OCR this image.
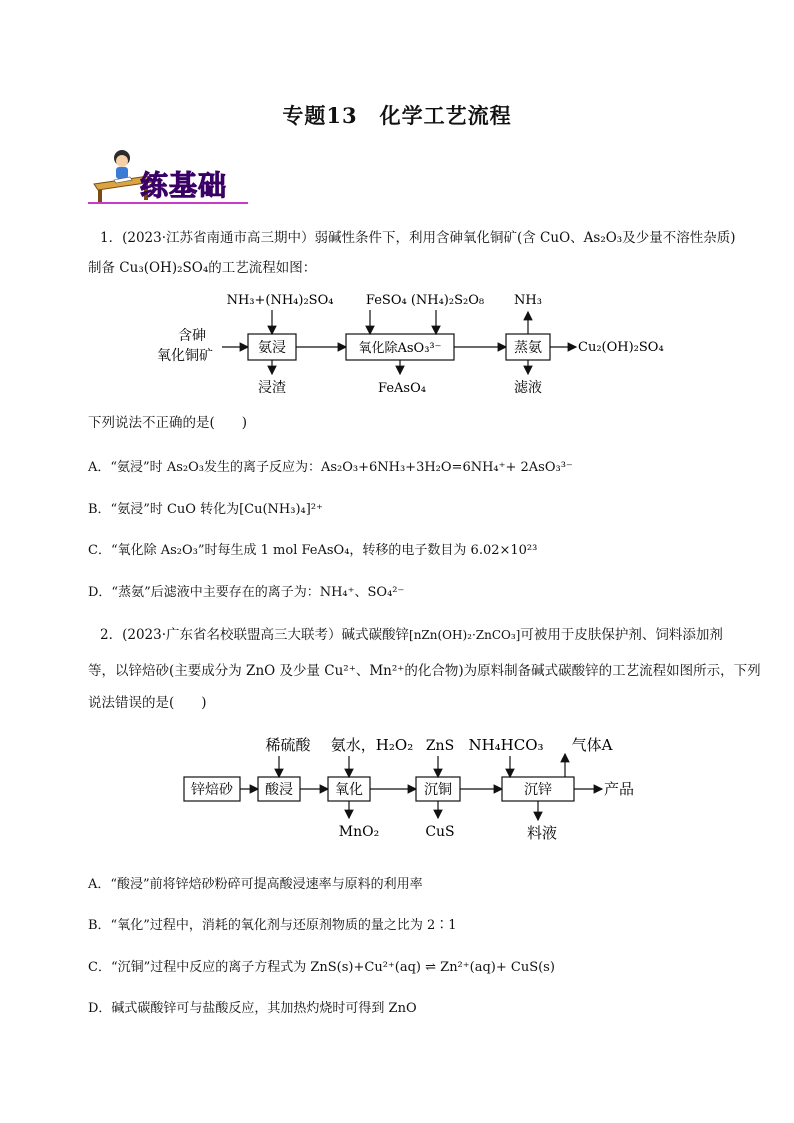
专题13　化学工艺流程
练基础
1．(2023·江苏省南通市高三期中）弱碱性条件下，利用含砷氧化铜矿(含 CuO、As₂O₃及少量不溶性杂质)
制备 Cu₃(OH)₂SO₄的工艺流程如图：
含砷
氧化铜矿	氨浸
NH₃+(NH₄)₂SO₄
浸渣
氧化除AsO₃³⁻
FeSO₄ (NH₄)₂S₂O₈
FeAsO₄
蒸氨
NH₃
滤液
Cu₂(OH)₂SO₄
下列说法不正确的是(　　)
A．“氨浸”时 As₂O₃发生的离子反应为：As₂O₃+6NH₃+3H₂O=6NH₄⁺+ 2AsO₃³⁻
B．“氨浸”时 CuO 转化为[Cu(NH₃)₄]²⁺
C．“氧化除 As₂O₃”时每生成 1 mol FeAsO₄，转移的电子数目为 6.02×10²³
D．“蒸氨”后滤液中主要存在的离子为：NH₄⁺、SO₄²⁻
2．(2023·广东省名校联盟高三大联考）碱式碳酸锌[nZn(OH)₂·ZnCO₃]可被用于皮肤保护剂、饲料添加剂
等，以锌焙砂(主要成分为 ZnO 及少量 Cu²⁺、Mn²⁺的化合物)为原料制备碱式碳酸锌的工艺流程如图所示，下列
说法错误的是(　　)
锌焙砂 酸浸
稀硫酸
氧化
氨水，H₂O₂
MnO₂
沉铜
ZnS
CuS
沉锌
NH₄HCO₃ 气体A
料液
产品
A．“酸浸”前将锌焙砂粉碎可提高酸浸速率与原料的利用率
B．“氧化”过程中，消耗的氧化剂与还原剂物质的量之比为 2∶1
C．“沉铜”过程中反应的离子方程式为 ZnS(s)+Cu²⁺(aq) ⇌ Zn²⁺(aq)+ CuS(s)
D．碱式碳酸锌可与盐酸反应，其加热灼烧时可得到 ZnO
